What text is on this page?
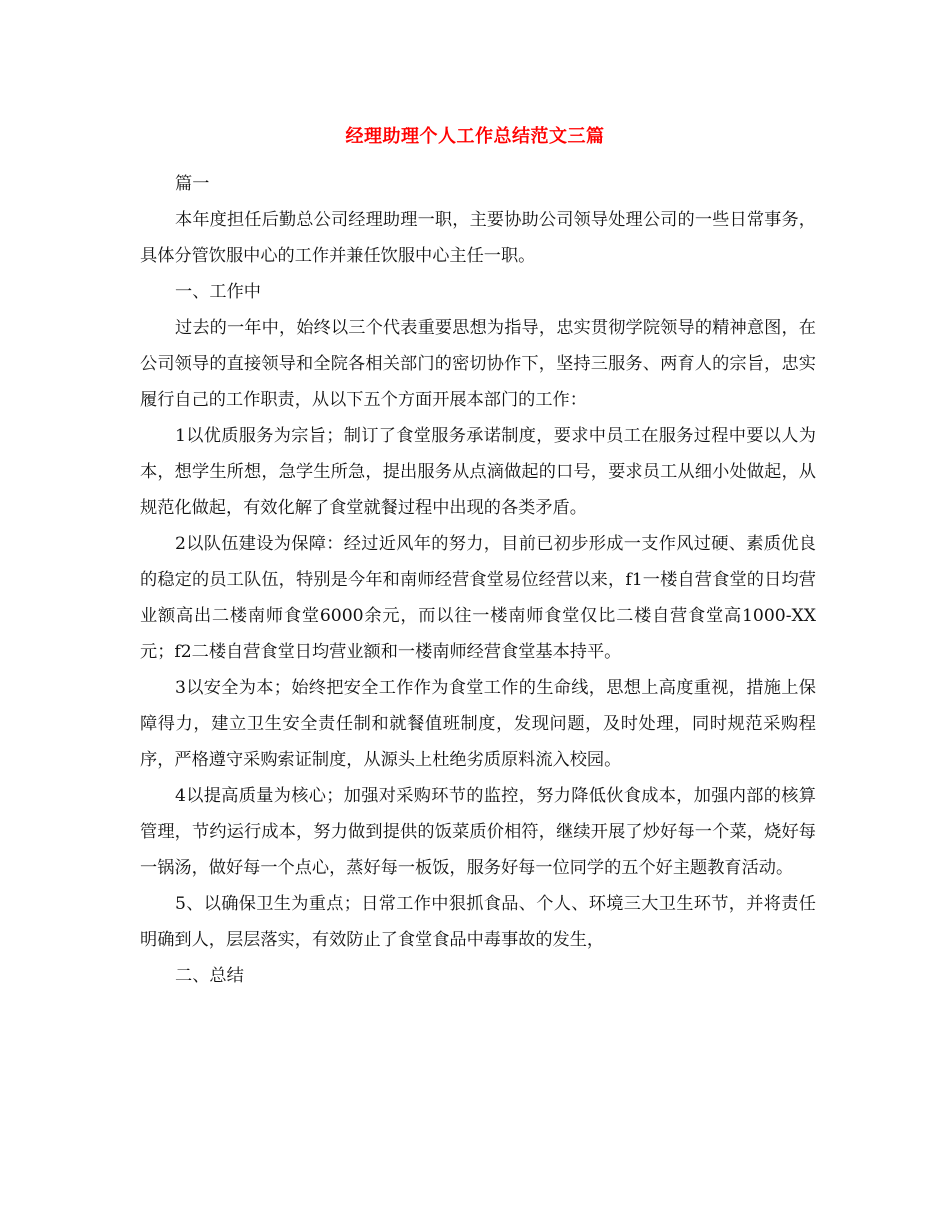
经理助理个人工作总结范文三篇

篇一

本年度担任后勤总公司经理助理一职，主要协助公司领导处理公司的一些日常事务，具体分管饮服中心的工作并兼任饮服中心主任一职。

一、工作中

过去的一年中，始终以三个代表重要思想为指导，忠实贯彻学院领导的精神意图，在公司领导的直接领导和全院各相关部门的密切协作下，坚持三服务、两育人的宗旨，忠实履行自己的工作职责，从以下五个方面开展本部门的工作：

1以优质服务为宗旨；制订了食堂服务承诺制度，要求中员工在服务过程中要以人为本，想学生所想，急学生所急，提出服务从点滴做起的口号，要求员工从细小处做起，从规范化做起，有效化解了食堂就餐过程中出现的各类矛盾。

2以队伍建设为保障：经过近风年的努力，目前已初步形成一支作风过硬、素质优良的稳定的员工队伍，特别是今年和南师经营食堂易位经营以来，f1一楼自营食堂的日均营业额高出二楼南师食堂6000余元，而以往一楼南师食堂仅比二楼自营食堂高1000-XX元；f2二楼自营食堂日均营业额和一楼南师经营食堂基本持平。

3以安全为本；始终把安全工作作为食堂工作的生命线，思想上高度重视，措施上保障得力，建立卫生安全责任制和就餐值班制度，发现问题，及时处理，同时规范采购程序，严格遵守采购索证制度，从源头上杜绝劣质原料流入校园。

4以提高质量为核心；加强对采购环节的监控，努力降低伙食成本，加强内部的核算管理，节约运行成本，努力做到提供的饭菜质价相符，继续开展了炒好每一个菜，烧好每一锅汤，做好每一个点心，蒸好每一板饭，服务好每一位同学的五个好主题教育活动。

5、以确保卫生为重点；日常工作中狠抓食品、个人、环境三大卫生环节，并将责任明确到人，层层落实，有效防止了食堂食品中毒事故的发生，

二、总结
